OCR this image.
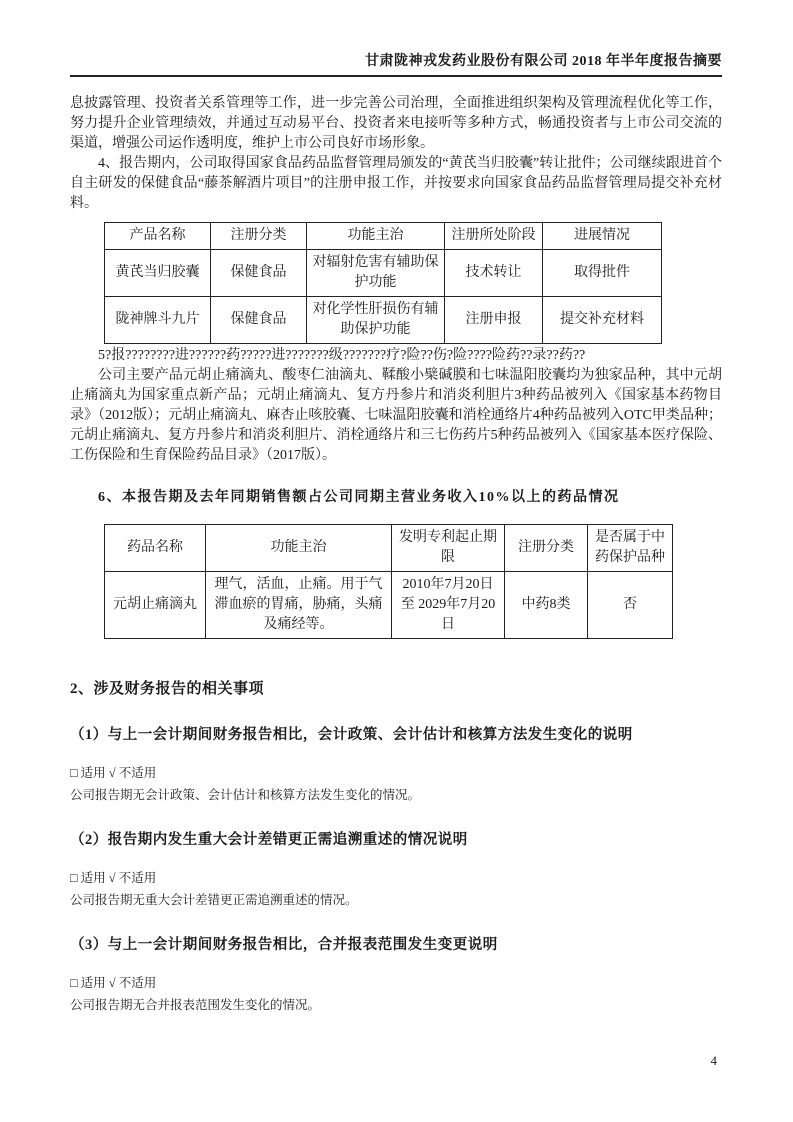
甘肃陇神戎发药业股份有限公司 2018 年半年度报告摘要

息披露管理、投资者关系管理等工作，进一步完善公司治理，全面推进组织架构及管理流程优化等工作，努力提升企业管理绩效，并通过互动易平台、投资者来电接听等多种方式，畅通投资者与上市公司交流的渠道，增强公司运作透明度，维护上市公司良好市场形象。

4、报告期内，公司取得国家食品药品监督管理局颁发的“黄芪当归胶囊”转让批件；公司继续跟进首个自主研发的保健食品“藤茶解酒片项目”的注册申报工作，并按要求向国家食品药品监督管理局提交补充材料。

产品名称	注册分类	功能主治	注册所处阶段	进展情况
黄芪当归胶囊	保健食品	对辐射危害有辅助保护功能	技术转让	取得批件
陇神牌斗九片	保健食品	对化学性肝损伤有辅助保护功能	注册申报	提交补充材料

5?报????????进??????药?????进???????级???????疗?险??伤?险????险药??录??药??

公司主要产品元胡止痛滴丸、酸枣仁油滴丸、鞣酸小檗碱膜和七味温阳胶囊均为独家品种，其中元胡止痛滴丸为国家重点新产品；元胡止痛滴丸、复方丹参片和消炎利胆片3种药品被列入《国家基本药物目录》（2012版）；元胡止痛滴丸、麻杏止咳胶囊、七味温阳胶囊和消栓通络片4种药品被列入OTC甲类品种；元胡止痛滴丸、复方丹参片和消炎利胆片、消栓通络片和三七伤药片5种药品被列入《国家基本医疗保险、工伤保险和生育保险药品目录》（2017版）。

6、本报告期及去年同期销售额占公司同期主营业务收入10%以上的药品情况

药品名称	功能主治	发明专利起止期限	注册分类	是否属于中药保护品种
元胡止痛滴丸	理气，活血，止痛。用于气滞血瘀的胃痛，胁痛，头痛及痛经等。	2010年7月20日至 2029年7月20日	中药8类	否
2、涉及财务报告的相关事项
（1）与上一会计期间财务报告相比，会计政策、会计估计和核算方法发生变化的说明

□ 适用 √ 不适用

公司报告期无会计政策、会计估计和核算方法发生变化的情况。

（2）报告期内发生重大会计差错更正需追溯重述的情况说明

□ 适用 √ 不适用

公司报告期无重大会计差错更正需追溯重述的情况。

（3）与上一会计期间财务报告相比，合并报表范围发生变更说明

□ 适用 √ 不适用

公司报告期无合并报表范围发生变化的情况。

4
